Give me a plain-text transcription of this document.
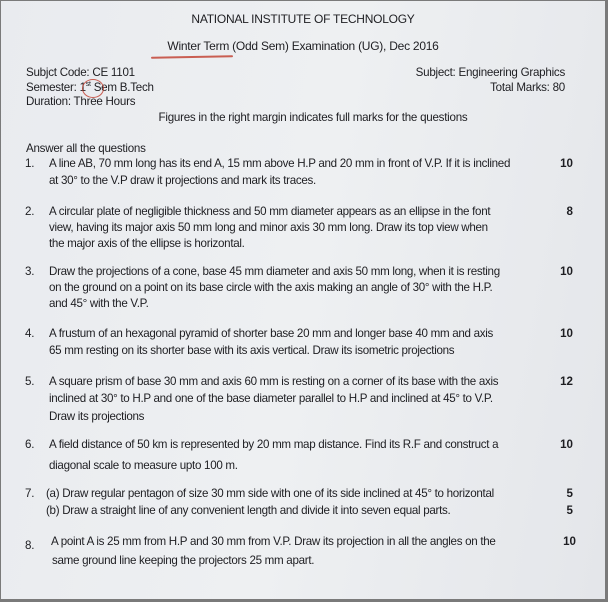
NATIONAL INSTITUTE OF TECHNOLOGY
Winter Term (Odd Sem) Examination (UG), Dec 2016
Subjct Code: CE 1101
Semester: 1st Sem B.Tech
Duration: Three Hours
Subject: Engineering Graphics
Total Marks: 80
Figures in the right margin indicates full marks for the questions
Answer all the questions
1. A line AB, 70 mm long has its end A, 15 mm above H.P and 20 mm in front of V.P. If it is inclined
at 30° to the V.P draw it projections and mark its traces.
10
2. A circular plate of negligible thickness and 50 mm diameter appears as an ellipse in the font
view, having its major axis 50 mm long and minor axis 30 mm long. Draw its top view when
the major axis of the ellipse is horizontal.
8
3. Draw the projections of a cone, base 45 mm diameter and axis 50 mm long, when it is resting
on the ground on a point on its base circle with the axis making an angle of 30° with the H.P.
and 45° with the V.P.
10
4. A frustum of an hexagonal pyramid of shorter base 20 mm and longer base 40 mm and axis
65 mm resting on its shorter base with its axis vertical. Draw its isometric projections
10
5. A square prism of base 30 mm and axis 60 mm is resting on a corner of its base with the axis
inclined at 30° to H.P and one of the base diameter parallel to H.P and inclined at 45° to V.P.
Draw its projections
12
6. A field distance of 50 km is represented by 20 mm map distance. Find its R.F and construct a
diagonal scale to measure upto 100 m.
10
7. (a) Draw regular pentagon of size 30 mm side with one of its side inclined at 45° to horizontal
(b) Draw a straight line of any convenient length and divide it into seven equal parts.
5
5
8. A point A is 25 mm from H.P and 30 mm from V.P. Draw its projection in all the angles on the
same ground line keeping the projectors 25 mm apart.
10
